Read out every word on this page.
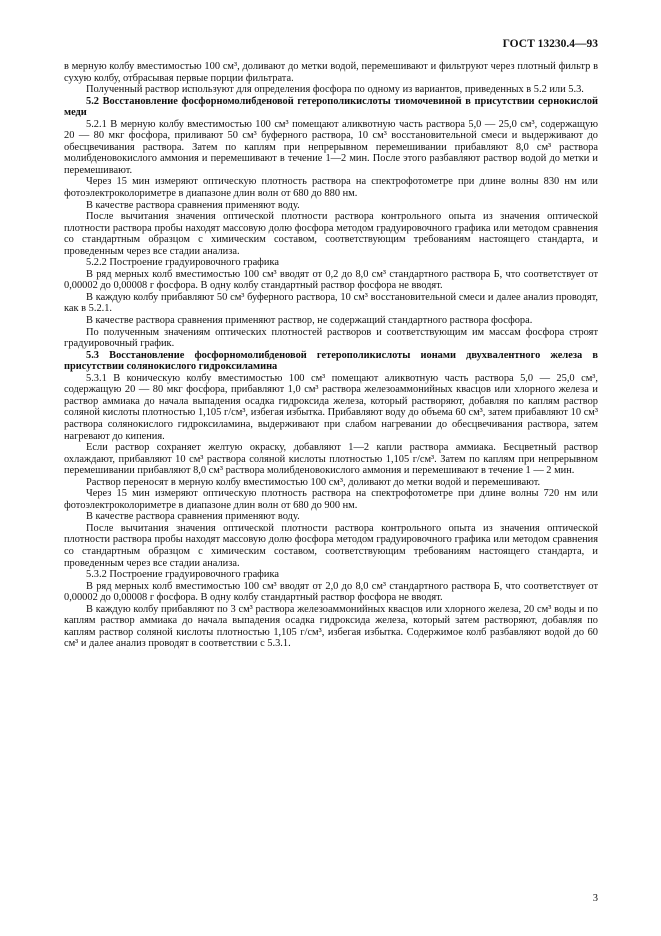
ГОСТ 13230.4—93

в мерную колбу вместимостью 100 см³, доливают до метки водой, перемешивают и фильтруют через плотный фильтр в сухую колбу, отбрасывая первые порции фильтрата.

Полученный раствор используют для определения фосфора по одному из вариантов, приведенных в 5.2 или 5.3.

5.2 Восстановление фосфорномолибденовой гетерополикислоты тиомочевиной в присутствии сернокислой меди

5.2.1 В мерную колбу вместимостью 100 см³ помещают аликвотную часть раствора 5,0 — 25,0 см³, содержащую 20 — 80 мкг фосфора, приливают 50 см³ буферного раствора, 10 см³ восстановительной смеси и выдерживают до обесцвечивания раствора. Затем по каплям при непрерывном перемешивании прибавляют 8,0 см³ раствора молибденовокислого аммония и перемешивают в течение 1—2 мин. После этого разбавляют раствор водой до метки и перемешивают.

Через 15 мин измеряют оптическую плотность раствора на спектрофотометре при длине волны 830 нм или фотоэлектроколориметре в диапазоне длин волн от 680 до 880 нм.

В качестве раствора сравнения применяют воду.

После вычитания значения оптической плотности раствора контрольного опыта из значения оптической плотности раствора пробы находят массовую долю фосфора методом градуировочного графика или методом сравнения со стандартным образцом с химическим составом, соответствующим требованиям настоящего стандарта, и проведенным через все стадии анализа.

5.2.2 Построение градуировочного графика

В ряд мерных колб вместимостью 100 см³ вводят от 0,2 до 8,0 см³ стандартного раствора Б, что соответствует от 0,00002 до 0,00008 г фосфора. В одну колбу стандартный раствор фосфора не вводят.

В каждую колбу прибавляют 50 см³ буферного раствора, 10 см³ восстановительной смеси и далее анализ проводят, как в 5.2.1.

В качестве раствора сравнения применяют раствор, не содержащий стандартного раствора фосфора.

По полученным значениям оптических плотностей растворов и соответствующим им массам фосфора строят градуировочный график.

5.3 Восстановление фосфорномолибденовой гетерополикислоты ионами двухвалентного железа в присутствии солянокислого гидроксиламина

5.3.1 В коническую колбу вместимостью 100 см³ помещают аликвотную часть раствора 5,0 — 25,0 см³, содержащую 20 — 80 мкг фосфора, прибавляют 1,0 см³ раствора железоаммонийных квасцов или хлорного железа и раствор аммиака до начала выпадения осадка гидроксида железа, который растворяют, добавляя по каплям раствор соляной кислоты плотностью 1,105 г/см³, избегая избытка. Прибавляют воду до объема 60 см³, затем прибавляют 10 см³ раствора солянокислого гидроксиламина, выдерживают при слабом нагревании до обесцвечивания раствора, затем нагревают до кипения.

Если раствор сохраняет желтую окраску, добавляют 1—2 капли раствора аммиака. Бесцветный раствор охлаждают, прибавляют 10 см³ раствора соляной кислоты плотностью 1,105 г/см³. Затем по каплям при непрерывном перемешивании прибавляют 8,0 см³ раствора молибденовокислого аммония и перемешивают в течение 1 — 2 мин.

Раствор переносят в мерную колбу вместимостью 100 см³, доливают до метки водой и перемешивают.

Через 15 мин измеряют оптическую плотность раствора на спектрофотометре при длине волны 720 нм или фотоэлектроколориметре в диапазоне длин волн от 680 до 900 нм.

В качестве раствора сравнения применяют воду.

После вычитания значения оптической плотности раствора контрольного опыта из значения оптической плотности раствора пробы находят массовую долю фосфора методом градуировочного графика или методом сравнения со стандартным образцом с химическим составом, соответствующим требованиям настоящего стандарта, и проведенным через все стадии анализа.

5.3.2 Построение градуировочного графика

В ряд мерных колб вместимостью 100 см³ вводят от 2,0 до 8,0 см³ стандартного раствора Б, что соответствует от 0,00002 до 0,00008 г фосфора. В одну колбу стандартный раствор фосфора не вводят.

В каждую колбу прибавляют по 3 см³ раствора железоаммонийных квасцов или хлорного железа, 20 см³ воды и по каплям раствор аммиака до начала выпадения осадка гидроксида железа, который затем растворяют, добавляя по каплям раствор соляной кислоты плотностью 1,105 г/см³, избегая избытка. Содержимое колб разбавляют водой до 60 см³ и далее анализ проводят в соответствии с 5.3.1.

3
